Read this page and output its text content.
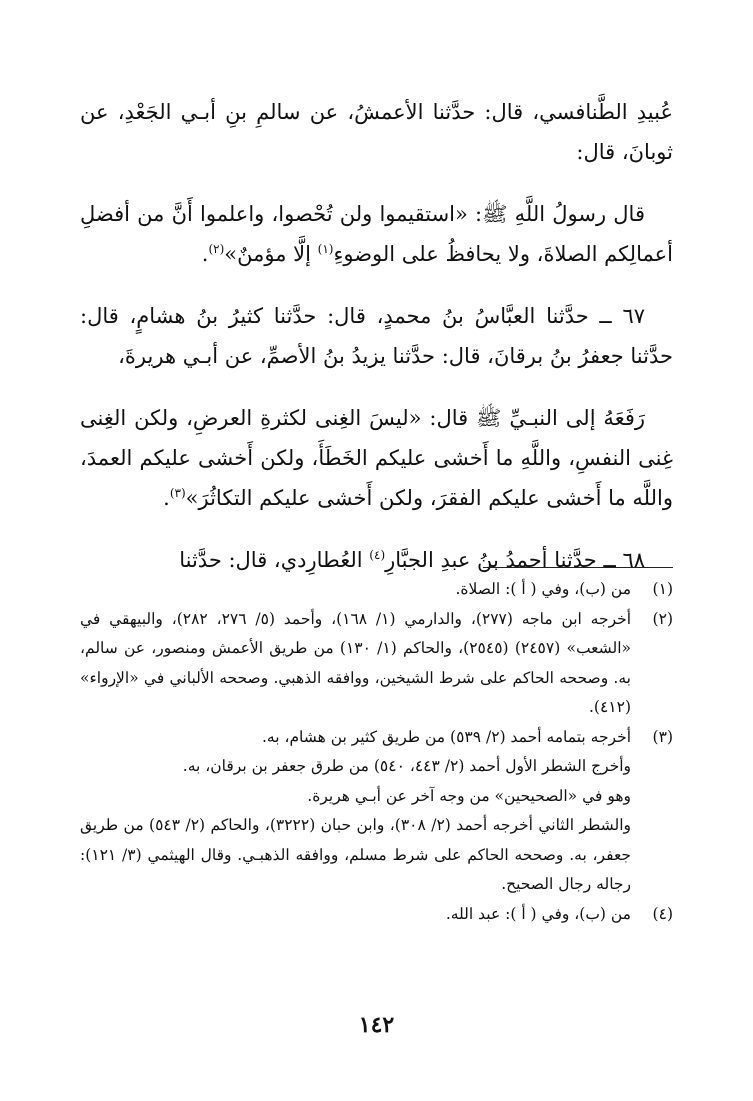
عُبيدِ الطَّنافسي، قال: حدَّثنا الأعمشُ، عن سالمِ بنِ أبـي الجَعْدِ، عن ثوبانَ، قال:

قال رسولُ اللَّهِ ﷺ: «استقيموا ولن تُحْصوا، واعلموا أَنَّ من أفضلِ أعمالِكم الصلاةَ، ولا يحافظُ على الوضوءِ$^{(١)}$ إلَّا مؤمنٌ»$^{(٢)}$.

٦٧ ــ حدَّثنا العبَّاسُ بنُ محمدٍ، قال: حدَّثنا كثيرُ بنُ هشامٍ، قال: حدَّثنا جعفرُ بنُ برقانَ، قال: حدَّثنا يزيدُ بنُ الأصمِّ، عن أبـي هريرةَ،

رَفَعَهُ إلى النبـيِّ ﷺ قال: «ليسَ الغِنى لكثرةِ العرضِ، ولكن الغِنى غِنى النفسِ، واللَّهِ ما أَخشى عليكم الخَطَأَ، ولكن أَخشى عليكم العمدَ، واللَّه ما أَخشى عليكم الفقرَ، ولكن أَخشى عليكم التكاثُرَ»$^{(٣)}$.

٦٨ ــ حدَّثنا أحمدُ بنُ عبدِ الجبَّارِ$^{(٤)}$ العُطارِدي، قال: حدَّثنا

(١)

من (ب)، وفي ( أ ): الصلاة.

(٢)

أخرجه ابن ماجه (٢٧٧)، والدارمي (١/ ١٦٨)، وأحمد (٥/ ٢٧٦، ٢٨٢)، والبيهقي في «الشعب» (٢٤٥٧) (٢٥٤٥)، والحاكم (١/ ١٣٠) من طريق الأعمش ومنصور، عن سالم، به. وصححه الحاكم على شرط الشيخين، ووافقه الذهبي. وصححه الألباني في «الإرواء» (٤١٢).

(٣)

أخرجه بتمامه أحمد (٢/ ٥٣٩) من طريق كثير بن هشام، به.

وأخرج الشطر الأول أحمد (٢/ ٤٤٣، ٥٤٠) من طرق جعفر بن برقان، به.

وهو في «الصحيحين» من وجه آخر عن أبـي هريرة.

والشطر الثاني أخرجه أحمد (٢/ ٣٠٨)، وابن حبان (٣٢٢٢)، والحاكم (٢/ ٥٤٣) من طريق جعفر، به. وصححه الحاكم على شرط مسلم، ووافقه الذهبـي. وقال الهيثمي (٣/ ١٢١): رجاله رجال الصحيح.

(٤)

من (ب)، وفي ( أ ): عبد الله.

١٤٢
